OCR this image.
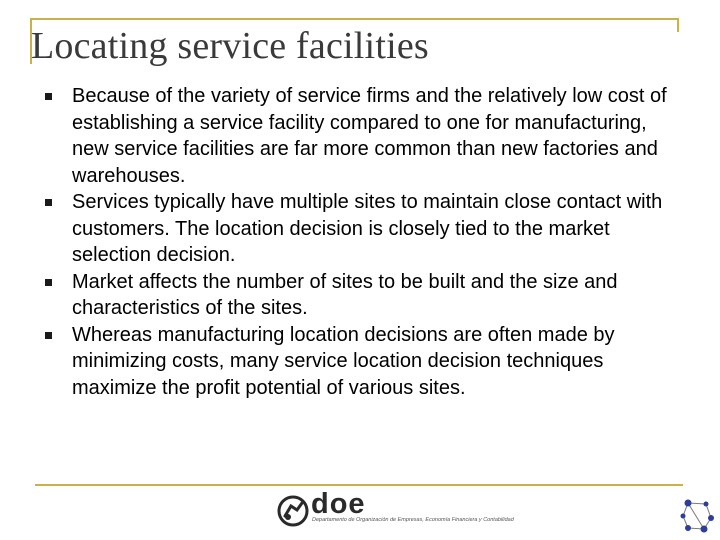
Locating service facilities
Because of the variety of service firms and the relatively low cost of establishing a service facility compared to one for manufacturing, new service facilities are far more common than new factories and warehouses.
Services typically have multiple sites to maintain close contact with customers. The location decision is closely tied to the market selection decision.
Market affects the number of sites to be built and the size and characteristics of the sites.
Whereas manufacturing location decisions are often made by minimizing costs, many service location decision techniques maximize the profit potential of various sites.
doe
Departamento de Organización de Empresas, Economía Financiera y Contabilidad
